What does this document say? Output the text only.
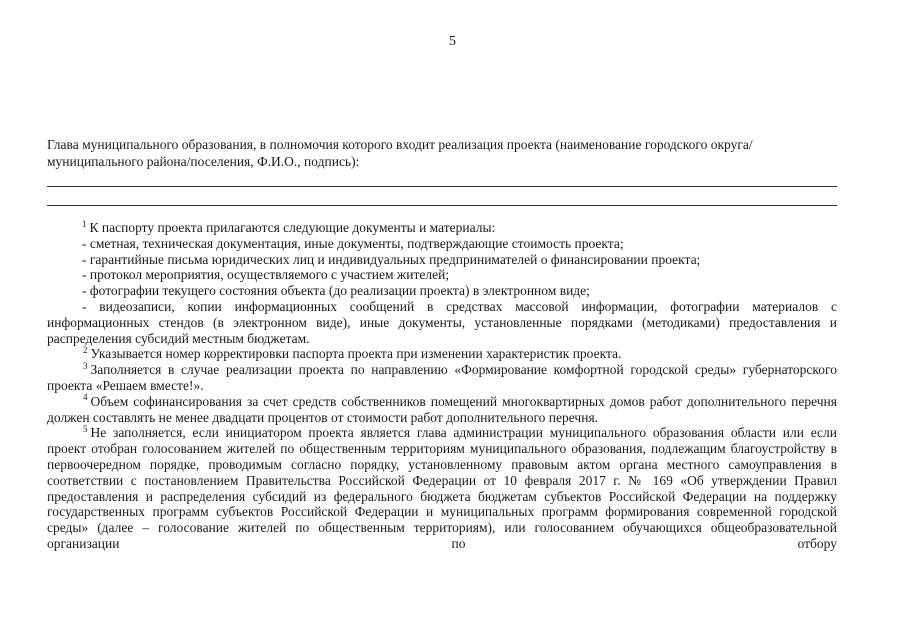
5
Глава муниципального образования, в полномочия которого входит реализация проекта (наименование городского округа/муниципального района/поселения, Ф.И.О., подпись):

$^1$ К паспорту проекта прилагаются следующие документы и материалы:

- сметная, техническая документация, иные документы, подтверждающие стоимость проекта;

- гарантийные письма юридических лиц и индивидуальных предпринимателей о финансировании проекта;

- протокол мероприятия, осуществляемого с участием жителей;

- фотографии текущего состояния объекта (до реализации проекта) в электронном виде;

- видеозаписи, копии информационных сообщений в средствах массовой информации, фотографии материалов с информационных стендов (в электронном виде), иные документы, установленные порядками (методиками) предоставления и распределения субсидий местным бюджетам.

$^2$ Указывается номер корректировки паспорта проекта при изменении характеристик проекта.

$^3$ Заполняется в случае реализации проекта по направлению «Формирование комфортной городской среды» губернаторского проекта «Решаем вместе!».

$^4$ Объем софинансирования за счет средств собственников помещений многоквартирных домов работ дополнительного перечня должен составлять не менее двадцати процентов от стоимости работ дополнительного перечня.

$^5$ Не заполняется, если инициатором проекта является глава администрации муниципального образования области или если проект отобран голосованием жителей по общественным территориям муниципального образования, подлежащим благоустройству в первоочередном порядке, проводимым согласно порядку, установленному правовым актом органа местного самоуправления в соответствии с постановлением Правительства Российской Федерации от 10 февраля 2017 г. № 169 «Об утверждении Правил предоставления и распределения субсидий из федерального бюджета бюджетам субъектов Российской Федерации на поддержку государственных программ субъектов Российской Федерации и муниципальных программ формирования современной городской среды» (далее – голосование жителей по общественным территориям), или голосованием обучающихся общеобразовательной организации по отбору
